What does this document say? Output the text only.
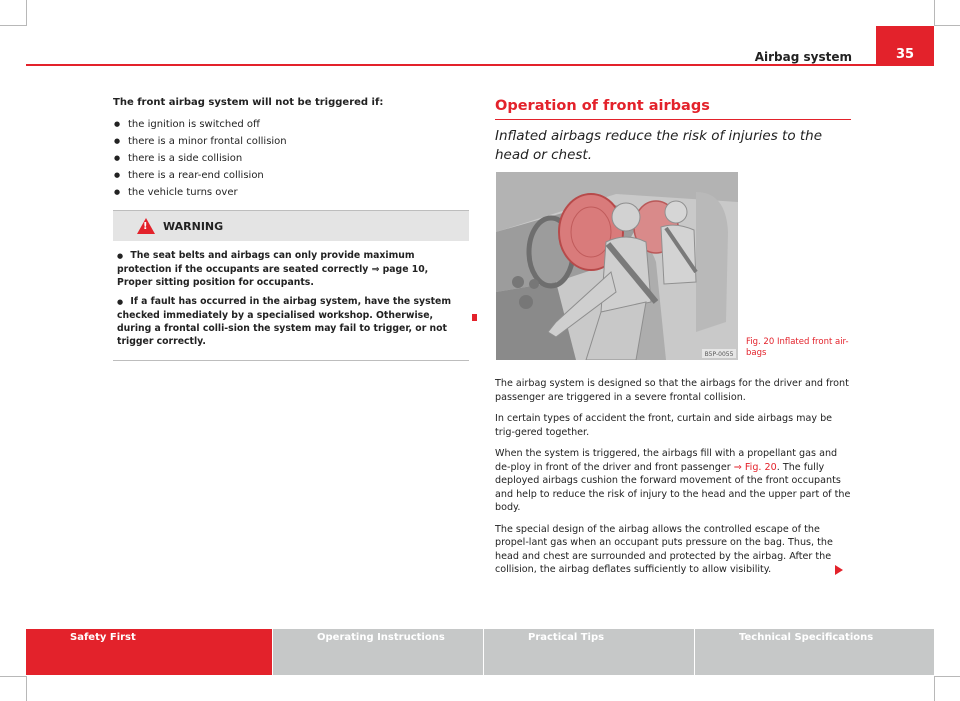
Airbag system	35

The front airbag system will not be triggered if:

● the ignition is switched off
● there is a minor frontal collision
● there is a side collision
● there is a rear-end collision
● the vehicle turns over
! WARNING

●   The seat belts and airbags can only provide maximum protection if the occupants are seated correctly ⇒ page 10, Proper sitting position for occupants.

●   If a fault has occurred in the airbag system, have the system checked immediately by a specialised workshop. Otherwise, during a frontal colli-sion the system may fail to trigger, or not trigger correctly.

Operation of front airbags
Inflated airbags reduce the risk of injuries to the head or chest.
B5P-0055
Fig. 20 Inflated front air-bags

The airbag system is designed so that the airbags for the driver and front passenger are triggered in a severe frontal collision.

In certain types of accident the front, curtain and side airbags may be trig-gered together.

When the system is triggered, the airbags fill with a propellant gas and de-ploy in front of the driver and front passenger ⇒ Fig. 20. The fully deployed airbags cushion the forward movement of the front occupants and help to reduce the risk of injury to the head and the upper part of the body.

The special design of the airbag allows the controlled escape of the propel-lant gas when an occupant puts pressure on the bag. Thus, the head and chest are surrounded and protected by the airbag. After the collision, the airbag deflates sufficiently to allow visibility.

Safety First	Operating Instructions	Practical Tips	Technical Specifications
